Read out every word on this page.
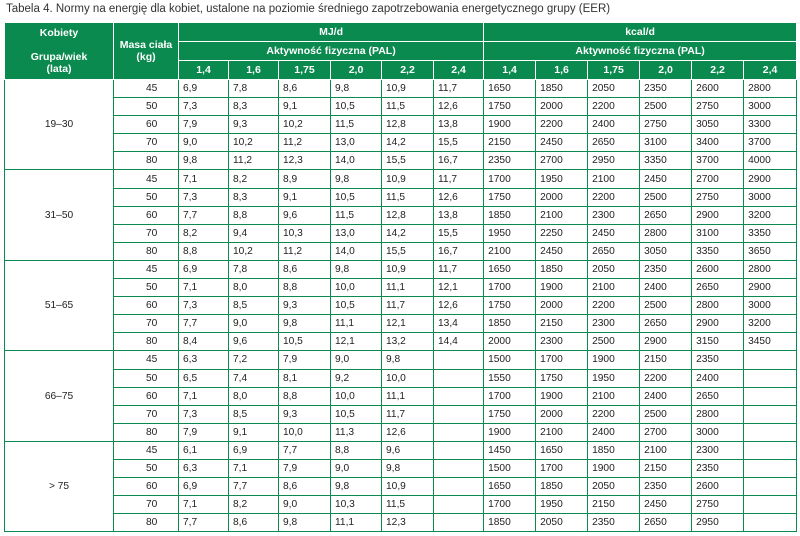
Tabela 4. Normy na energię dla kobiet, ustalone na poziomie średniego zapotrzebowania energetycznego grupy (EER)
Kobiety

Grupa/wiek
(lata)	Masa ciała
(kg)	MJ/d						kcal/d					
		Aktywność fizyczna (PAL)						Aktywność fizyczna (PAL)					
		1,4	1,6	1,75	2,0	2,2	2,4	1,4	1,6	1,75	2,0	2,2	2,4
19–30	45	6,9	7,8	8,6	9,8	10,9	11,7	1650	1850	2050	2350	2600	2800
	50	7,3	8,3	9,1	10,5	11,5	12,6	1750	2000	2200	2500	2750	3000
	60	7,9	9,3	10,2	11,5	12,8	13,8	1900	2200	2400	2750	3050	3300
	70	9,0	10,2	11,2	13,0	14,2	15,5	2150	2450	2650	3100	3400	3700
	80	9,8	11,2	12,3	14,0	15,5	16,7	2350	2700	2950	3350	3700	4000
31–50	45	7,1	8,2	8,9	9,8	10,9	11,7	1700	1950	2100	2450	2700	2900
	50	7,3	8,3	9,1	10,5	11,5	12,6	1750	2000	2200	2500	2750	3000
	60	7,7	8,8	9,6	11,5	12,8	13,8	1850	2100	2300	2650	2900	3200
	70	8,2	9,4	10,3	13,0	14,2	15,5	1950	2250	2450	2800	3100	3350
	80	8,8	10,2	11,2	14,0	15,5	16,7	2100	2450	2650	3050	3350	3650
51–65	45	6,9	7,8	8,6	9,8	10,9	11,7	1650	1850	2050	2350	2600	2800
	50	7,1	8,0	8,8	10,0	11,1	12,1	1700	1900	2100	2400	2650	2900
	60	7,3	8,5	9,3	10,5	11,7	12,6	1750	2000	2200	2500	2800	3000
	70	7,7	9,0	9,8	11,1	12,1	13,4	1850	2150	2300	2650	2900	3200
	80	8,4	9,6	10,5	12,1	13,2	14,4	2000	2300	2500	2900	3150	3450
66–75	45	6,3	7,2	7,9	9,0	9,8		1500	1700	1900	2150	2350	
	50	6,5	7,4	8,1	9,2	10,0		1550	1750	1950	2200	2400	
	60	7,1	8,0	8,8	10,0	11,1		1700	1900	2100	2400	2650	
	70	7,3	8,5	9,3	10,5	11,7		1750	2000	2200	2500	2800	
	80	7,9	9,1	10,0	11,3	12,6		1900	2100	2400	2700	3000	
> 75	45	6,1	6,9	7,7	8,8	9,6		1450	1650	1850	2100	2300	
	50	6,3	7,1	7,9	9,0	9,8		1500	1700	1900	2150	2350	
	60	6,9	7,7	8,6	9,8	10,9		1650	1850	2050	2350	2600	
	70	7,1	8,2	9,0	10,3	11,5		1700	1950	2150	2450	2750	
	80	7,7	8,6	9,8	11,1	12,3		1850	2050	2350	2650	2950	
